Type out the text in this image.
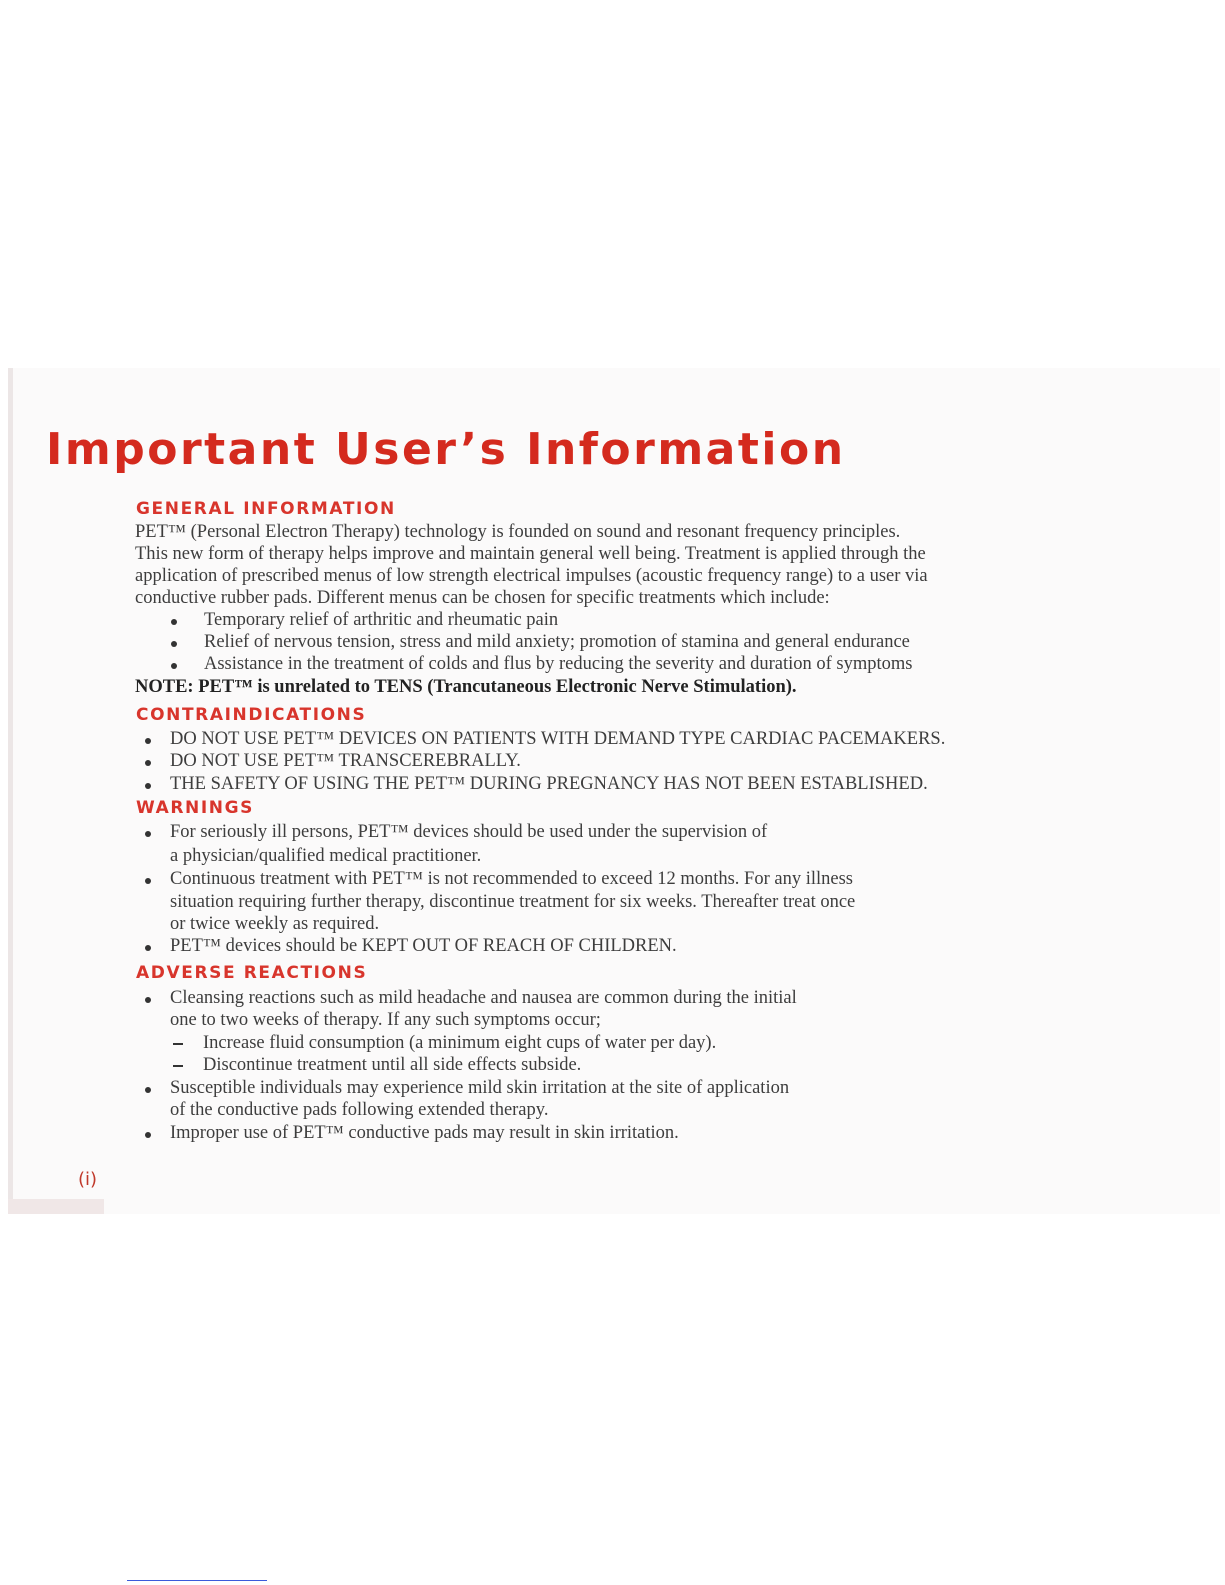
Important User’s Information
GENERAL INFORMATION

PET™ (Personal Electron Therapy) technology is founded on sound and resonant frequency principles.

This new form of therapy helps improve and maintain general well being. Treatment is applied through the

application of prescribed menus of low strength electrical impulses (acoustic frequency range) to a user via

conductive rubber pads. Different menus can be chosen for specific treatments which include:

Temporary relief of arthritic and rheumatic pain

Relief of nervous tension, stress and mild anxiety; promotion of stamina and general endurance

Assistance in the treatment of colds and flus by reducing the severity and duration of symptoms

NOTE: PET™ is unrelated to TENS (Trancutaneous Electronic Nerve Stimulation).

CONTRAINDICATIONS

DO NOT USE PET™ DEVICES ON PATIENTS WITH DEMAND TYPE CARDIAC PACEMAKERS.

DO NOT USE PET™ TRANSCEREBRALLY.

THE SAFETY OF USING THE PET™ DURING PREGNANCY HAS NOT BEEN ESTABLISHED.

WARNINGS

For seriously ill persons, PET™ devices should be used under the supervision of

a physician/qualified medical practitioner.

Continuous treatment with PET™ is not recommended to exceed 12 months. For any illness

situation requiring further therapy, discontinue treatment for six weeks. Thereafter treat once

or twice weekly as required.

PET™ devices should be KEPT OUT OF REACH OF CHILDREN.

ADVERSE REACTIONS

Cleansing reactions such as mild headache and nausea are common during the initial

one to two weeks of therapy. If any such symptoms occur;

Increase fluid consumption (a minimum eight cups of water per day).

Discontinue treatment until all side effects subside.

Susceptible individuals may experience mild skin irritation at the site of application

of the conductive pads following extended therapy.

Improper use of PET™ conductive pads may result in skin irritation.

(i)
